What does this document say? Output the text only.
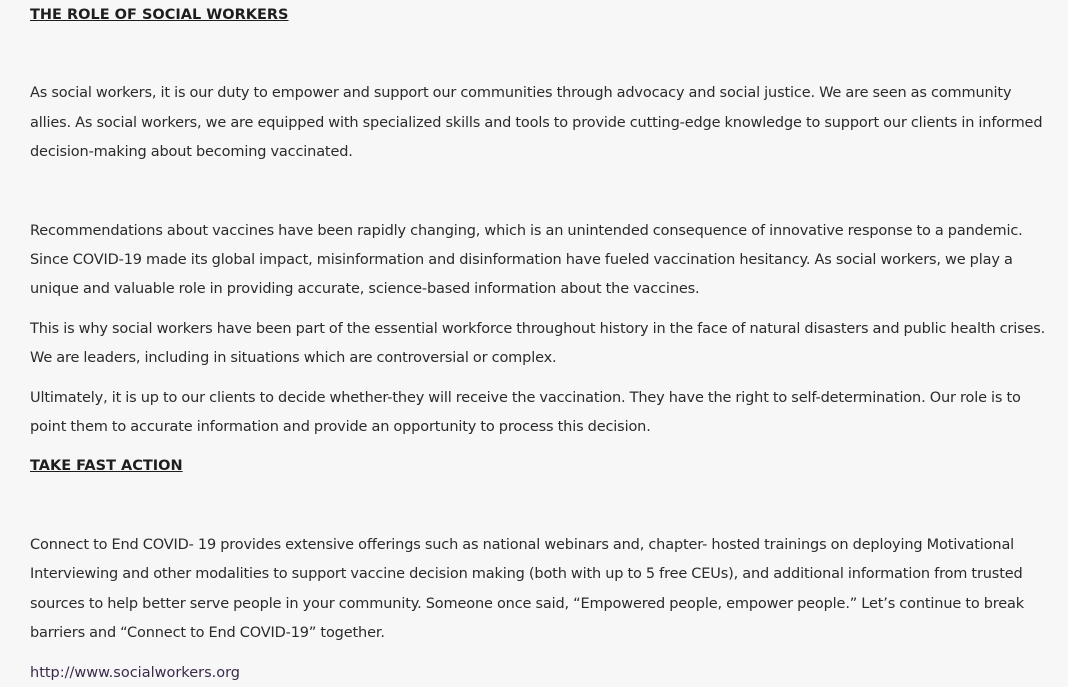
THE ROLE OF SOCIAL WORKERS

As social workers, it is our duty to empower and support our communities through advocacy and social justice. We are seen as community allies. As social workers, we are equipped with specialized skills and tools to provide cutting-edge knowledge to support our clients in informed decision-making about becoming vaccinated.

Recommendations about vaccines have been rapidly changing, which is an unintended consequence of innovative response to a pandemic. Since COVID-19 made its global impact, misinformation and disinformation have fueled vaccination hesitancy. As social workers, we play a unique and valuable role in providing accurate, science-based information about the vaccines.

This is why social workers have been part of the essential workforce throughout history in the face of natural disasters and public health crises. We are leaders, including in situations which are controversial or complex.

Ultimately, it is up to our clients to decide whether-they will receive the vaccination. They have the right to self-determination. Our role is to point them to accurate information and provide an opportunity to process this decision.

TAKE FAST ACTION

Connect to End COVID- 19 provides extensive offerings such as national webinars and, chapter- hosted trainings on deploying Motivational Interviewing and other modalities to support vaccine decision making (both with up to 5 free CEUs), and additional information from trusted sources to help better serve people in your community. Someone once said, “Empowered people, empower people.” Let’s continue to break barriers and “Connect to End COVID-19” together.

http://www.socialworkers.org
